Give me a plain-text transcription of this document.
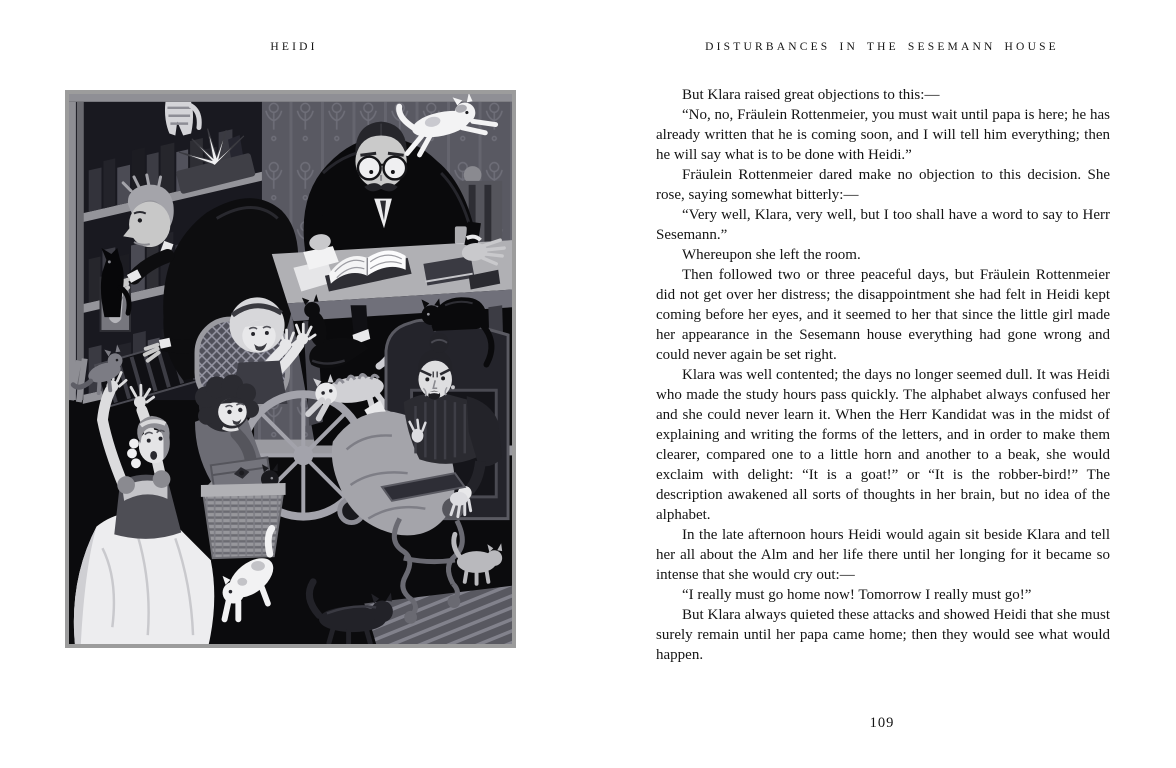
HEIDI	DISTURBANCES IN THE SESEMANN HOUSE

But Klara raised great objections to this:—

“No, no, Fräulein Rottenmeier, you must wait until papa is here; he has already written that he is coming soon, and I will tell him everything; then he will say what is to be done with Heidi.”

Fräulein Rottenmeier dared make no objection to this decision. She rose, saying somewhat bitterly:—

“Very well, Klara, very well, but I too shall have a word to say to Herr Sesemann.”

Whereupon she left the room.

Then followed two or three peaceful days, but Fräulein Rottenmeier did not get over her distress; the disappointment she had felt in Heidi kept coming before her eyes, and it seemed to her that since the little girl made her appearance in the Sesemann house everything had gone wrong and could never again be set right.

Klara was well contented; the days no longer seemed dull. It was Heidi who made the study hours pass quickly. The alphabet always confused her and she could never learn it. When the Herr Kandidat was in the midst of explaining and writing the forms of the letters, and in order to make them clearer, compared one to a little horn and another to a beak, she would exclaim with delight: “It is a goat!” or “It is the robber-bird!” The description awakened all sorts of thoughts in her brain, but no idea of the alphabet.

In the late afternoon hours Heidi would again sit beside Klara and tell her all about the Alm and her life there until her longing for it became so intense that she would cry out:—

“I really must go home now! Tomorrow I really must go!”

But Klara always quieted these attacks and showed Heidi that she must surely remain until her papa came home; then they would see what would happen.

109
